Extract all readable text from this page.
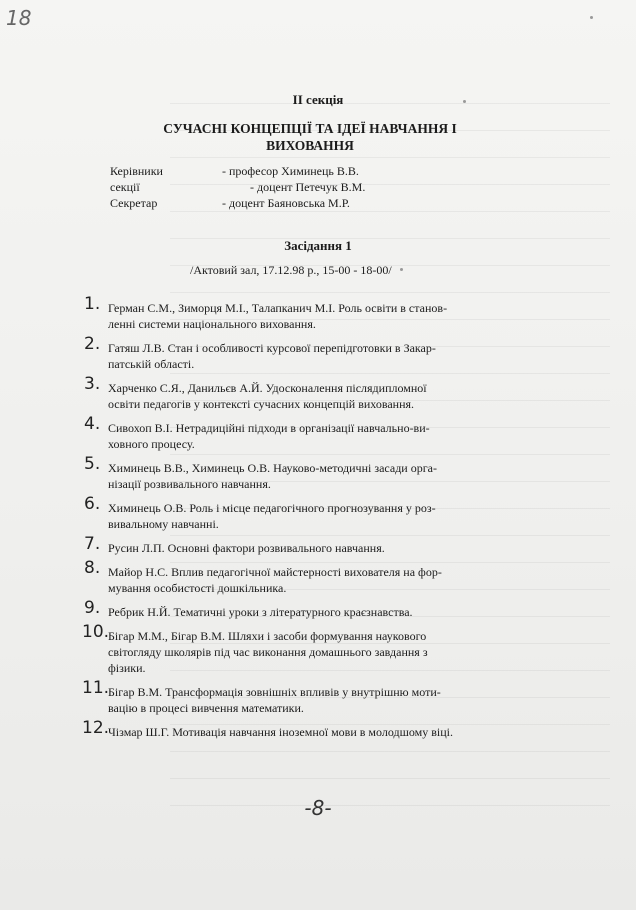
18
II секція
СУЧАСНІ КОНЦЕПЦІЇ ТА ІДЕЇ НАВЧАННЯ І ВИХОВАННЯ
Керівники секції
- професор Химинець В.В.
- доцент Петечук В.М.
Секретар	- доцент Баяновська М.Р.
Засідання 1
/Актовий зал, 17.12.98 р., 15-00 - 18-00/
1. Герман С.М., Зиморця М.І., Талапканич М.І. Роль освіти в станов-
ленні системи національного виховання.
2. Гатяш Л.В. Стан і особливості курсової перепідготовки в Закар-
патській області.
3. Харченко С.Я., Данильєв А.Й. Удосконалення післядипломної
освіти педагогів у контексті сучасних концепцій виховання.
4. Сивохоп В.І. Нетрадиційні підходи в організації навчально-ви-
ховного процесу.
5. Химинець В.В., Химинець О.В. Науково-методичні засади орга-
нізації розвивального навчання.
6. Химинець О.В. Роль і місце педагогічного прогнозування у роз-
вивальному навчанні.
7. Русин Л.П. Основні фактори розвивального навчання.
8. Майор Н.С. Вплив педагогічної майстерності вихователя на фор-
мування особистості дошкільника.
9. Ребрик Н.Й. Тематичні уроки з літературного краєзнавства.
10.
Бігар М.М., Бігар В.М. Шляхи і засоби формування наукового
світогляду школярів під час виконання домашнього завдання з
фізики.
11.
Бігар В.М. Трансформація зовнішніх впливів у внутрішню моти-
вацію в процесі вивчення математики.
12.
Чізмар Ш.Г. Мотивація навчання іноземної мови в молодшому віці.
-8-
